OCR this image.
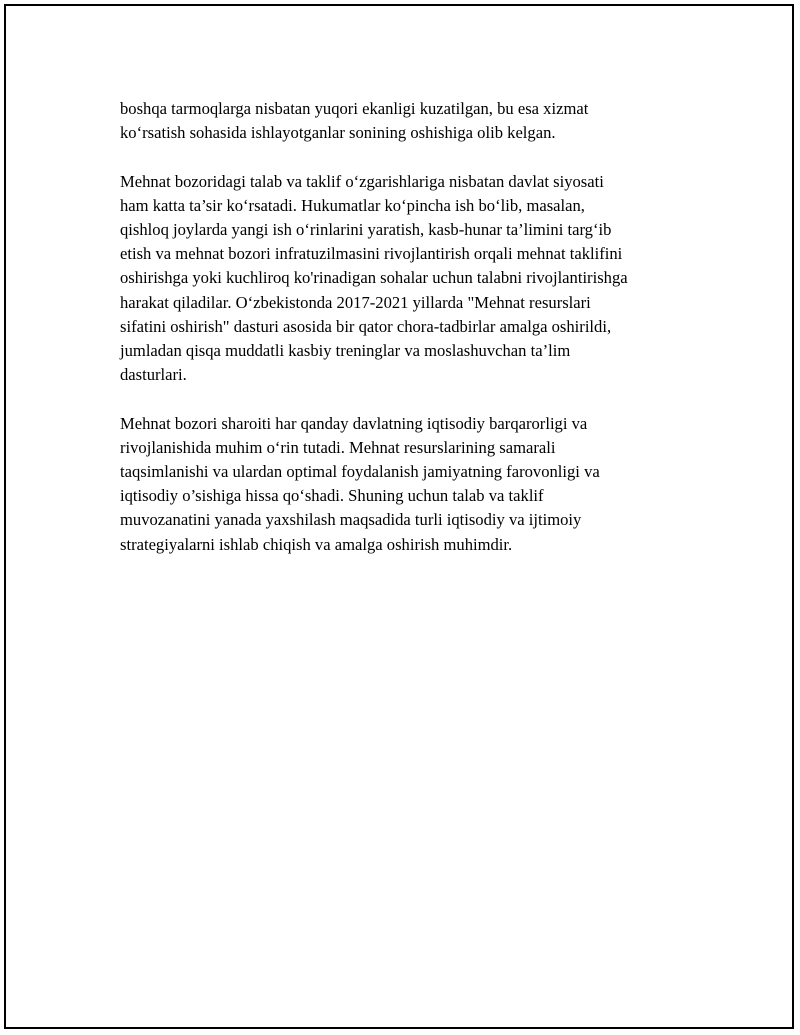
boshqa tarmoqlarga nisbatan yuqori ekanligi kuzatilgan, bu esa xizmat
ko‘rsatish sohasida ishlayotganlar sonining oshishiga olib kelgan.

Mehnat bozoridagi talab va taklif o‘zgarishlariga nisbatan davlat siyosati
ham katta ta’sir ko‘rsatadi. Hukumatlar ko‘pincha ish bo‘lib, masalan,
qishloq joylarda yangi ish o‘rinlarini yaratish, kasb-hunar ta’limini targ‘ib
etish va mehnat bozori infratuzilmasini rivojlantirish orqali mehnat taklifini
oshirishga yoki kuchliroq ko'rinadigan sohalar uchun talabni rivojlantirishga
harakat qiladilar. O‘zbekistonda 2017-2021 yillarda "Mehnat resurslari
sifatini oshirish" dasturi asosida bir qator chora-tadbirlar amalga oshirildi,
jumladan qisqa muddatli kasbiy treninglar va moslashuvchan ta’lim
dasturlari.

Mehnat bozori sharoiti har qanday davlatning iqtisodiy barqarorligi va
rivojlanishida muhim o‘rin tutadi. Mehnat resurslarining samarali
taqsimlanishi va ulardan optimal foydalanish jamiyatning farovonligi va
iqtisodiy o’sishiga hissa qo‘shadi. Shuning uchun talab va taklif
muvozanatini yanada yaxshilash maqsadida turli iqtisodiy va ijtimoiy
strategiyalarni ishlab chiqish va amalga oshirish muhimdir.
